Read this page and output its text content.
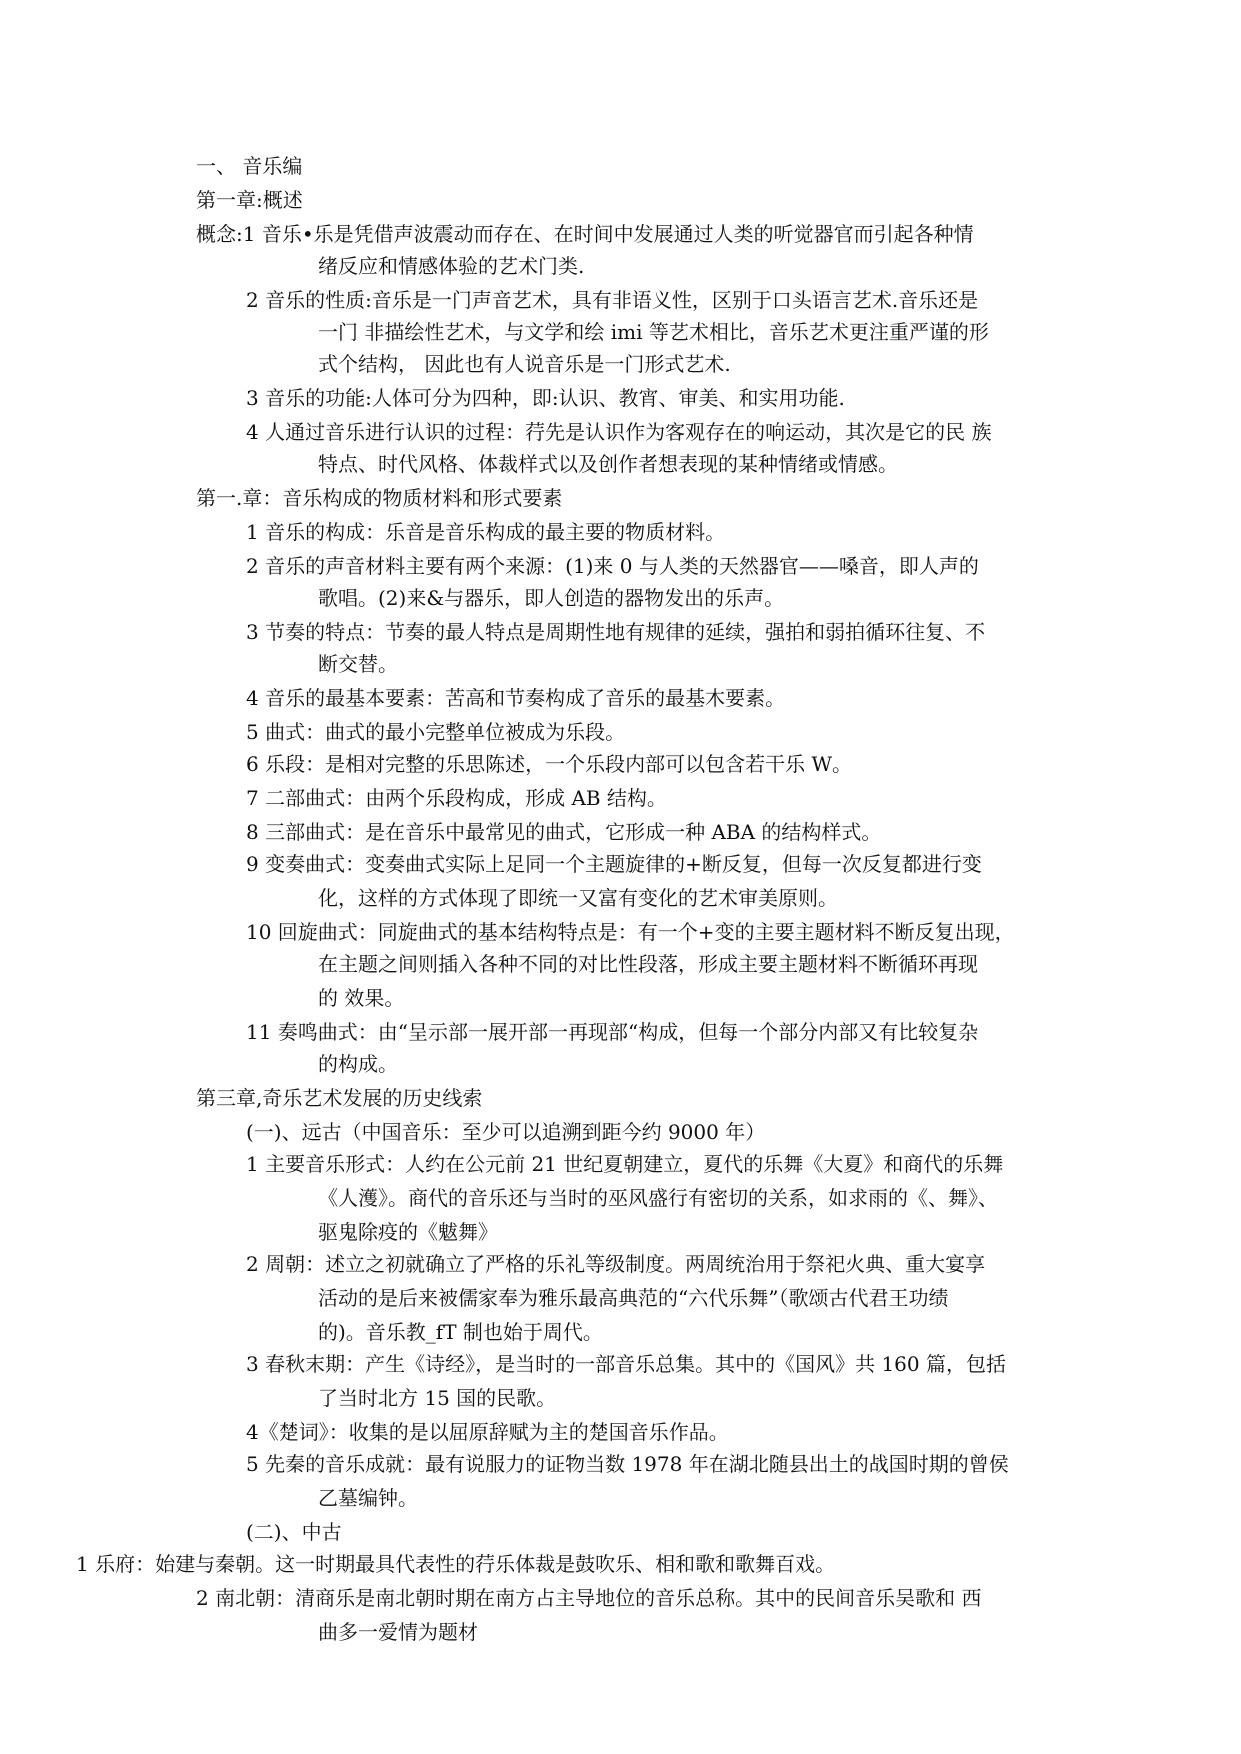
一、 音乐编
第一章:概述
概念:1 音乐•乐是凭借声波震动而存在、在时间中发展通过人类的听觉器官而引起各种情
绪反应和情感体验的艺术门类.
2 音乐的性质:音乐是一门声音艺术，具有非语义性，区别于口头语言艺术.音乐还是
一门 非描绘性艺术，与文学和绘 imi 等艺术相比，音乐艺术更注重严谨的形
式个结构， 因此也有人说音乐是一门形式艺术.
3 音乐的功能:人体可分为四种，即:认识、教宵、审美、和实用功能.
4 人通过音乐进行认识的过程：荇先是认识作为客观存在的响运动，其次是它的民 族
特点、时代风格、体裁样式以及创作者想表现的某种情绪或情感。
第一.章：音乐构成的物质材料和形式要素
1 音乐的构成：乐音是音乐构成的最主要的物质材料。
2 音乐的声音材料主要有两个来源：(1)来 0 与人类的天然器官——嗓音，即人声的
歌唱。(2)来&与器乐，即人创造的器物发出的乐声。
3 节奏的特点：节奏的最人特点是周期性地有规律的延续，强拍和弱拍循环往复、不
断交替。
4 音乐的最基本要素：苦高和节奏构成了音乐的最基木要素。
5 曲式：曲式的最小完整单位被成为乐段。
6 乐段：是相对完整的乐思陈述，一个乐段内部可以包含若干乐 W。
7 二部曲式：由两个乐段构成，形成 AB 结构。
8 三部曲式：是在音乐中最常见的曲式，它形成一种 ABA 的结构样式。
9 变奏曲式：变奏曲式实际上足同一个主题旋律的+断反复，但每一次反复都进行变
化，这样的方式体现了即统一又富有变化的艺术审美原则。
10 回旋曲式：同旋曲式的基本结构特点是：有一个+变的主要主题材料不断反复出现，
在主题之间则插入各种不同的对比性段落，形成主要主题材料不断循环再现
的 效果。
11 奏鸣曲式：由“呈示部一展开部一再现部“构成，但每一个部分内部又有比较复杂
的构成。
第三章,奇乐艺术发展的历史线索
(一)、远古（中国音乐：至少可以追溯到距今约 9000 年）
1 主要音乐形式：人约在公元前 21 世纪夏朝建立，夏代的乐舞《大夏》和商代的乐舞
《人濩》。商代的音乐还与当时的巫风盛行有密切的关系，如求雨的《、舞》、
驱鬼除疫的《魃舞》
2 周朝：述立之初就确立了严格的乐礼等级制度。两周统治用于祭祀火典、重大宴享
活动的是后来被儒家奉为雅乐最高典范的“六代乐舞”（歌颂古代君王功绩
的)。音乐教_fT 制也始于周代。
3 春秋末期：产生《诗经》，是当时的一部音乐总集。其中的《国风》共 160 篇，包括
了当时北方 15 国的民歌。
4《楚词》：收集的是以屈原辞赋为主的楚国音乐作品。
5 先秦的音乐成就：最有说服力的证物当数 1978 年在湖北随县出土的战国时期的曾侯
乙墓编钟。
(二)、中古
1 乐府：始建与秦朝。这一时期最具代表性的荇乐体裁是鼓吹乐、相和歌和歌舞百戏。
2 南北朝：清商乐是南北朝时期在南方占主导地位的音乐总称。其中的民间音乐吴歌和 西
曲多一爱情为题材
